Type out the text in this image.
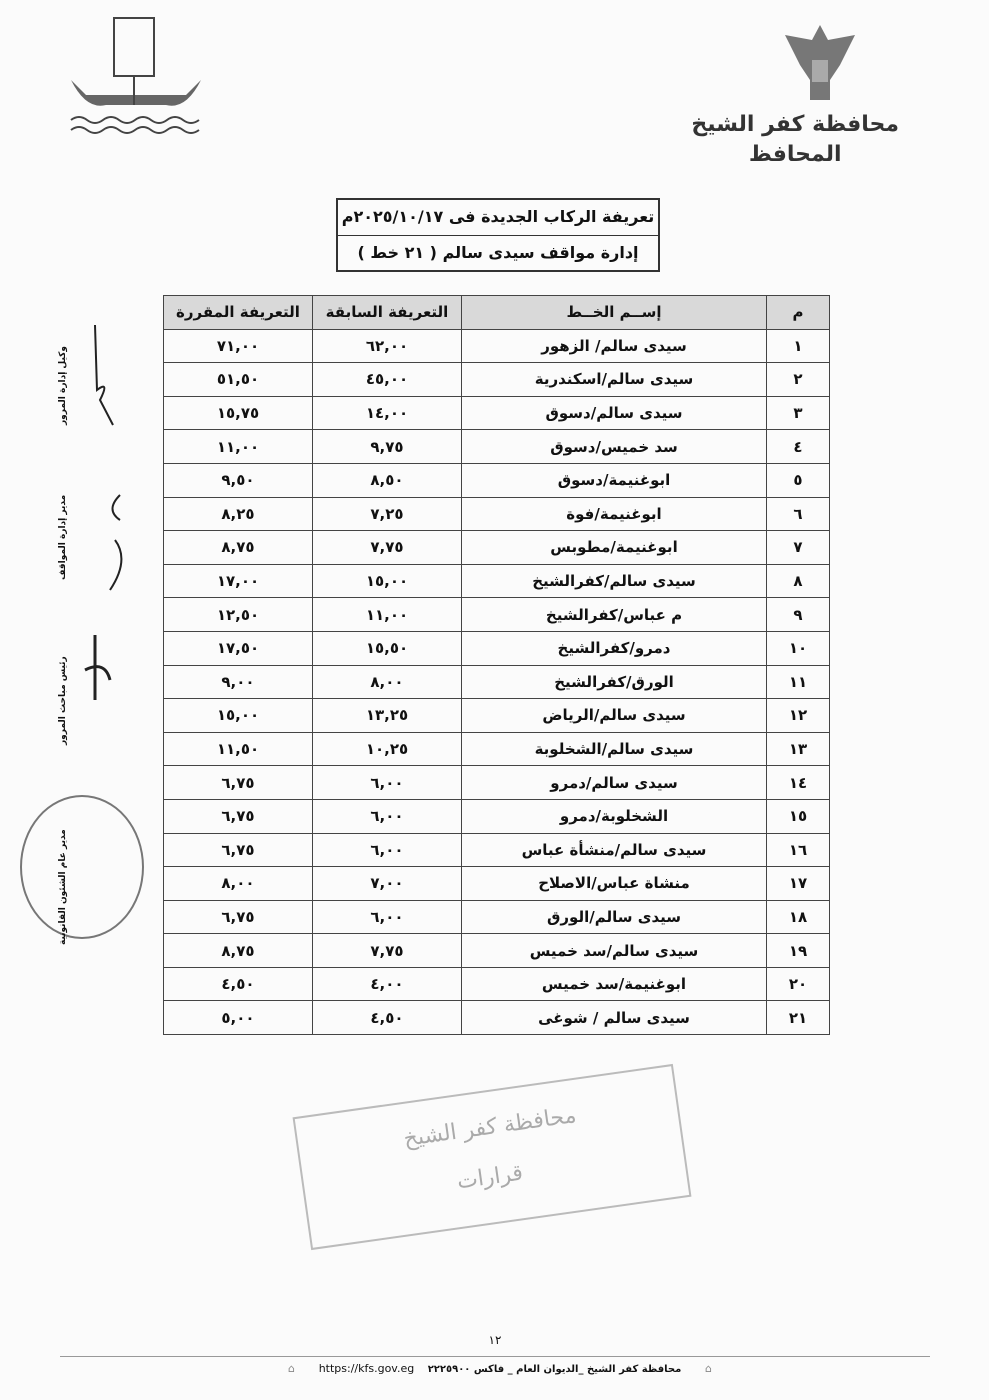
محافظة كفر الشيخ
المحافظ
تعريفة الركاب الجديدة فى ٢٠٢٥/١٠/١٧م
إدارة مواقف سيدى سالم ( ٢١ خط )
م	إســم الخــط	التعريفة السابقة	التعريفة المقررة
١	سيدى سالم/ الزهور	٦٢,٠٠	٧١,٠٠
٢	سيدى سالم/اسكندرية	٤٥,٠٠	٥١,٥٠
٣	سيدى سالم/دسوق	١٤,٠٠	١٥,٧٥
٤	سد خميس/دسوق	٩,٧٥	١١,٠٠
٥	ابوغنيمة/دسوق	٨,٥٠	٩,٥٠
٦	ابوغنيمة/فوة	٧,٢٥	٨,٢٥
٧	ابوغنيمة/مطوبس	٧,٧٥	٨,٧٥
٨	سيدى سالم/كفرالشيخ	١٥,٠٠	١٧,٠٠
٩	م عباس/كفرالشيخ	١١,٠٠	١٢,٥٠
١٠	دمرو/كفرالشيخ	١٥,٥٠	١٧,٥٠
١١	الورق/كفرالشيخ	٨,٠٠	٩,٠٠
١٢	سيدى سالم/الرياض	١٣,٢٥	١٥,٠٠
١٣	سيدى سالم/الشخلوبة	١٠,٢٥	١١,٥٠
١٤	سيدى سالم/دمرو	٦,٠٠	٦,٧٥
١٥	الشخلوبة/دمرو	٦,٠٠	٦,٧٥
١٦	سيدى سالم/منشأة عباس	٦,٠٠	٦,٧٥
١٧	منشاة عباس/الاصلاح	٧,٠٠	٨,٠٠
١٨	سيدى سالم/الورق	٦,٠٠	٦,٧٥
١٩	سيدى سالم/سد خميس	٧,٧٥	٨,٧٥
٢٠	ابوغنيمة/سد خميس	٤,٠٠	٤,٥٠
٢١	سيدى سالم / شوغى	٤,٥٠	٥,٠٠
محافظة كفر الشيخ
قرارات
وكيل إدارة المرور
مدير إدارة المواقف
رئيس مباحث المرور
مدير عام الشئون القانونية
١٢
⌂	محافظة كفر الشيخ _الديوان العام _ فاكس ٢٢٢٥٩٠٠ https://kfs.gov.eg	⌂
